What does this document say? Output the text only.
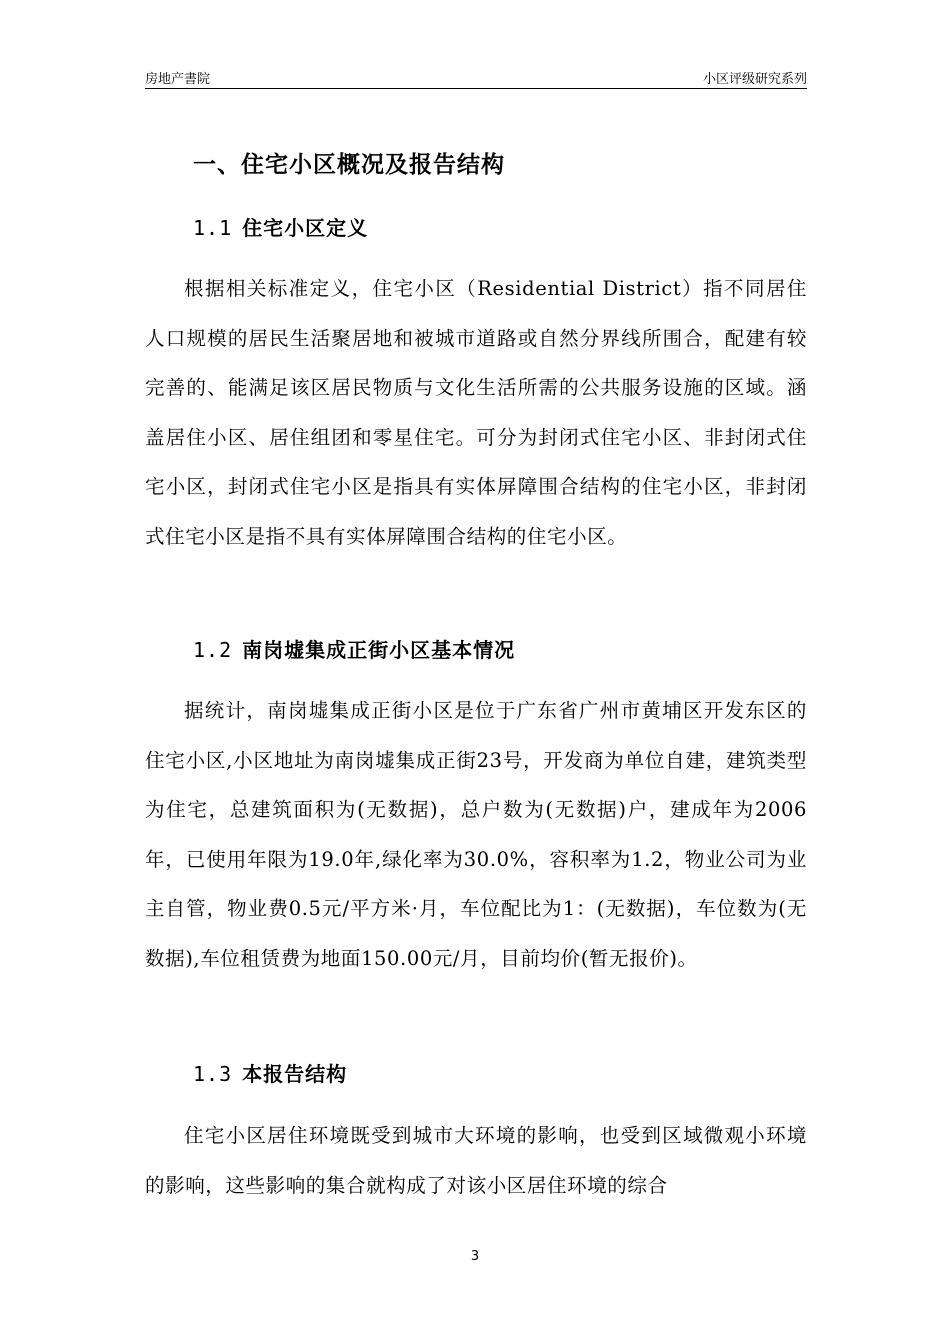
房地产書院	小区评级研究系列
一、住宅小区概况及报告结构
1.1 住宅小区定义

根据相关标准定义，住宅小区（Residential District）指不同居住人口规模的居民生活聚居地和被城市道路或自然分界线所围合，配建有较完善的、能满足该区居民物质与文化生活所需的公共服务设施的区域。涵盖居住小区、居住组团和零星住宅。可分为封闭式住宅小区、非封闭式住宅小区，封闭式住宅小区是指具有实体屏障围合结构的住宅小区，非封闭式住宅小区是指不具有实体屏障围合结构的住宅小区。

1.2 南岗墟集成正街小区基本情况

据统计，南岗墟集成正街小区是位于广东省广州市黄埔区开发东区的住宅小区,小区地址为南岗墟集成正街23号，开发商为单位自建，建筑类型为住宅，总建筑面积为(无数据)，总户数为(无数据)户，建成年为2006年，已使用年限为19.0年,绿化率为30.0%，容积率为1.2，物业公司为业主自管，物业费0.5元/平方米·月，车位配比为1：(无数据)，车位数为(无数据),车位租赁费为地面150.00元/月，目前均价(暂无报价)。

1.3 本报告结构

住宅小区居住环境既受到城市大环境的影响，也受到区域微观小环境的影响，这些影响的集合就构成了对该小区居住环境的综合

3
